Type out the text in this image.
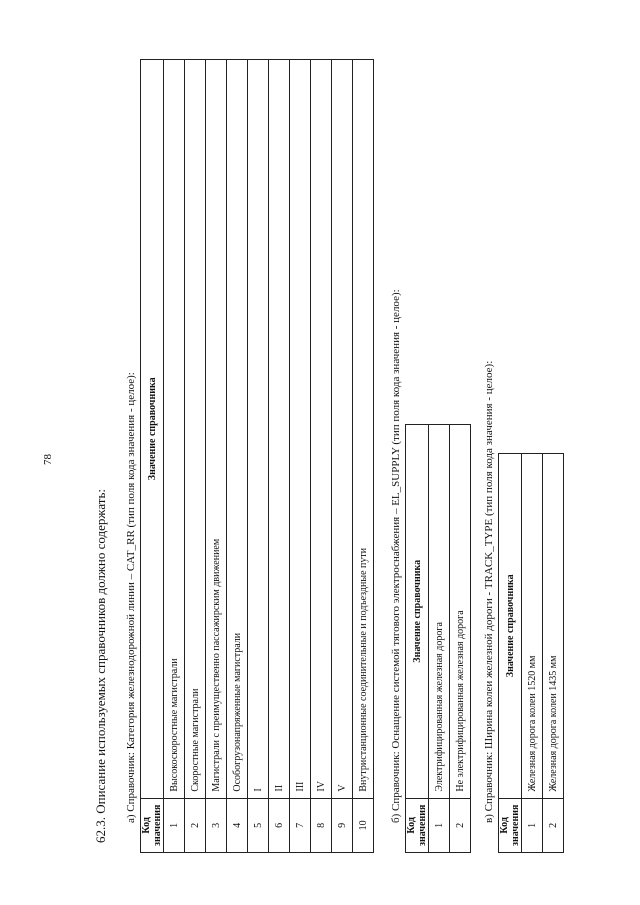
78
62.3. Описание используемых справочников должно содержать: а) Справочник: Категория железнодорожной линии – CAT_RR (тип поля кода значения - целое):
Код значения	Значение справочника
1	Высокоскоростные магистрали
2	Скоростные магистрали
3	Магистрали с преимущественно пассажирским движением
4	Особогрузонапряженные магистрали
5	I
6	II
7	III
8	IV
9	V
10	Внутристанционные соединительные и подъездные пути б) Справочник: Оснащение системой тягового электроснабжения – EL_SUPPLY (тип поля кода значения - целое):
Код значения	Значение справочника
1	Электрифицированная железная дорога
2	Не электрифицированная железная дорога в) Справочник: Ширина колеи железной дороги - TRACK_TYPE (тип поля кода значения - целое):
Код значения	Значение справочника
1	Железная дорога колеи 1520 мм
2	Железная дорога колеи 1435 мм
